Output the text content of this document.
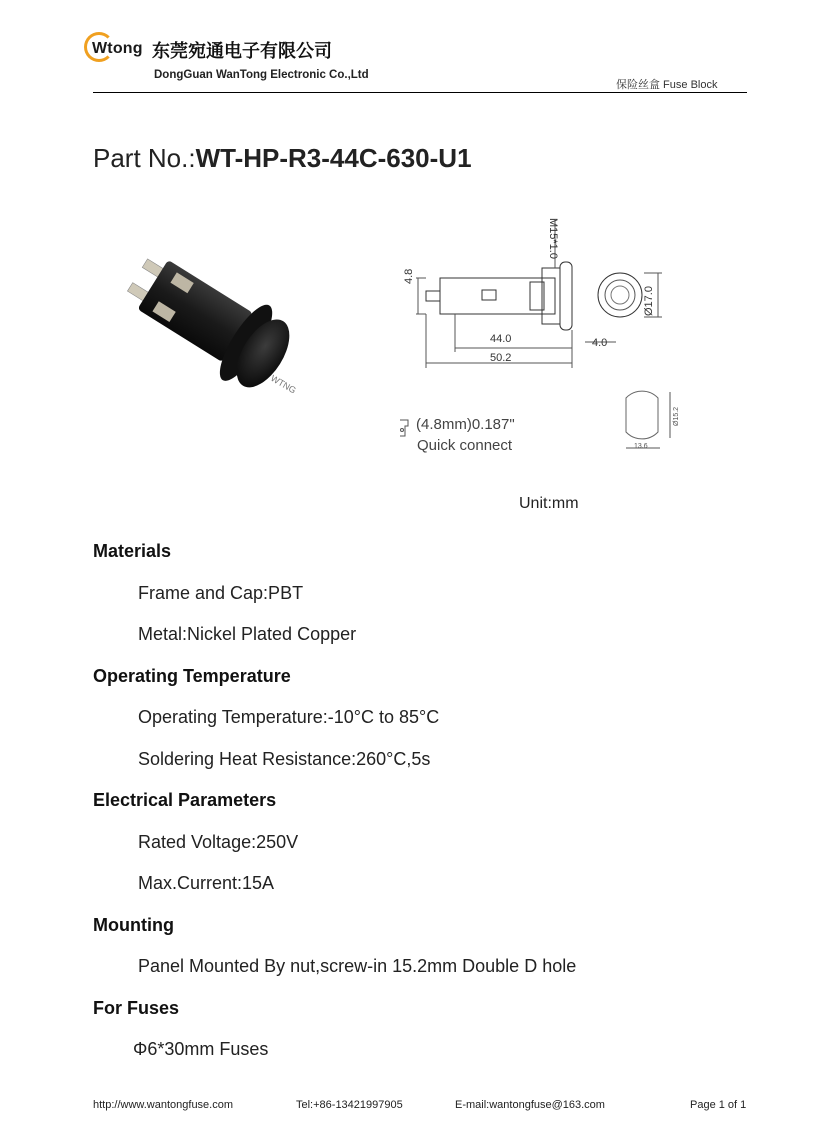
Wtong 东莞宛通电子有限公司
DongGuan WanTong Electronic Co.,Ltd
保险丝盒 Fuse Block
Part No.:WT-HP-R3-44C-630-U1
WTNG
4.8
M15*1.0
44.0
50.2
4.0
Ø17.0
(4.8mm)0.187"
Quick connect
Ø15.2
13.6
Unit:mm
Materials
Frame and Cap:PBT
Metal:Nickel Plated Copper
Operating Temperature
Operating Temperature:-10°C to 85°C
Soldering Heat Resistance:260°C,5s
Electrical Parameters
Rated Voltage:250V
Max.Current:15A
Mounting
Panel Mounted By nut,screw-in 15.2mm Double D hole
For Fuses
Φ6*30mm Fuses
http://www.wantongfuse.com	Tel:+86-13421997905	E-mail:wantongfuse@163.com	Page 1 of 1
